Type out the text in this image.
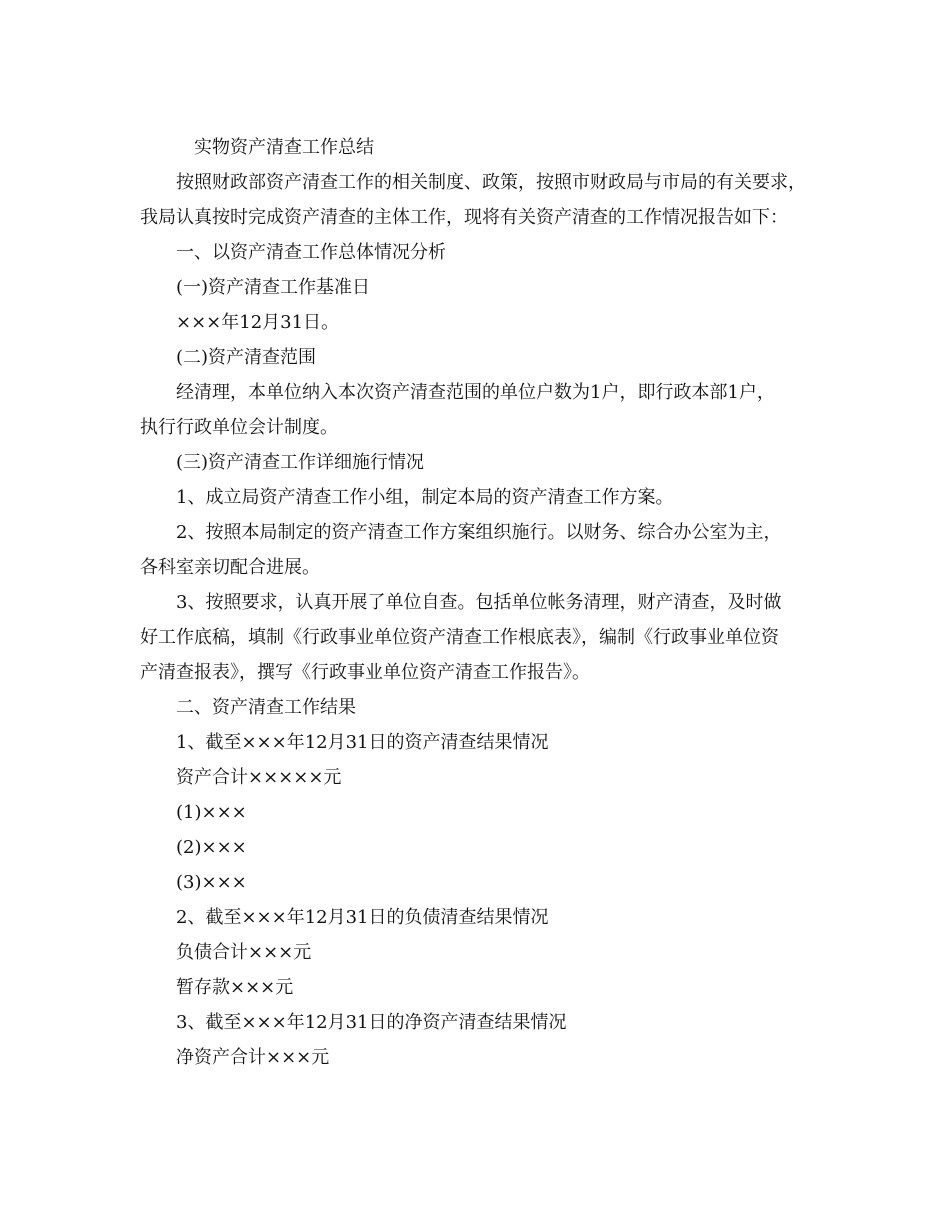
实物资产清查工作总结
按照财政部资产清查工作的相关制度、政策，按照市财政局与市局的有关要求，
我局认真按时完成资产清查的主体工作，现将有关资产清查的工作情况报告如下：
一、以资产清查工作总体情况分析
(一)资产清查工作基准日
×××年12月31日。
(二)资产清查范围
经清理，本单位纳入本次资产清查范围的单位户数为1户，即行政本部1户，
执行行政单位会计制度。
(三)资产清查工作详细施行情况
1、成立局资产清查工作小组，制定本局的资产清查工作方案。
2、按照本局制定的资产清查工作方案组织施行。以财务、综合办公室为主，
各科室亲切配合进展。
3、按照要求，认真开展了单位自查。包括单位帐务清理，财产清查，及时做
好工作底稿，填制《行政事业单位资产清查工作根底表》，编制《行政事业单位资
产清查报表》，撰写《行政事业单位资产清查工作报告》。
二、资产清查工作结果
1、截至×××年12月31日的资产清查结果情况
资产合计×××××元
(1)×××
(2)×××
(3)×××
2、截至×××年12月31日的负债清查结果情况
负债合计×××元
暂存款×××元
3、截至×××年12月31日的净资产清查结果情况
净资产合计×××元
